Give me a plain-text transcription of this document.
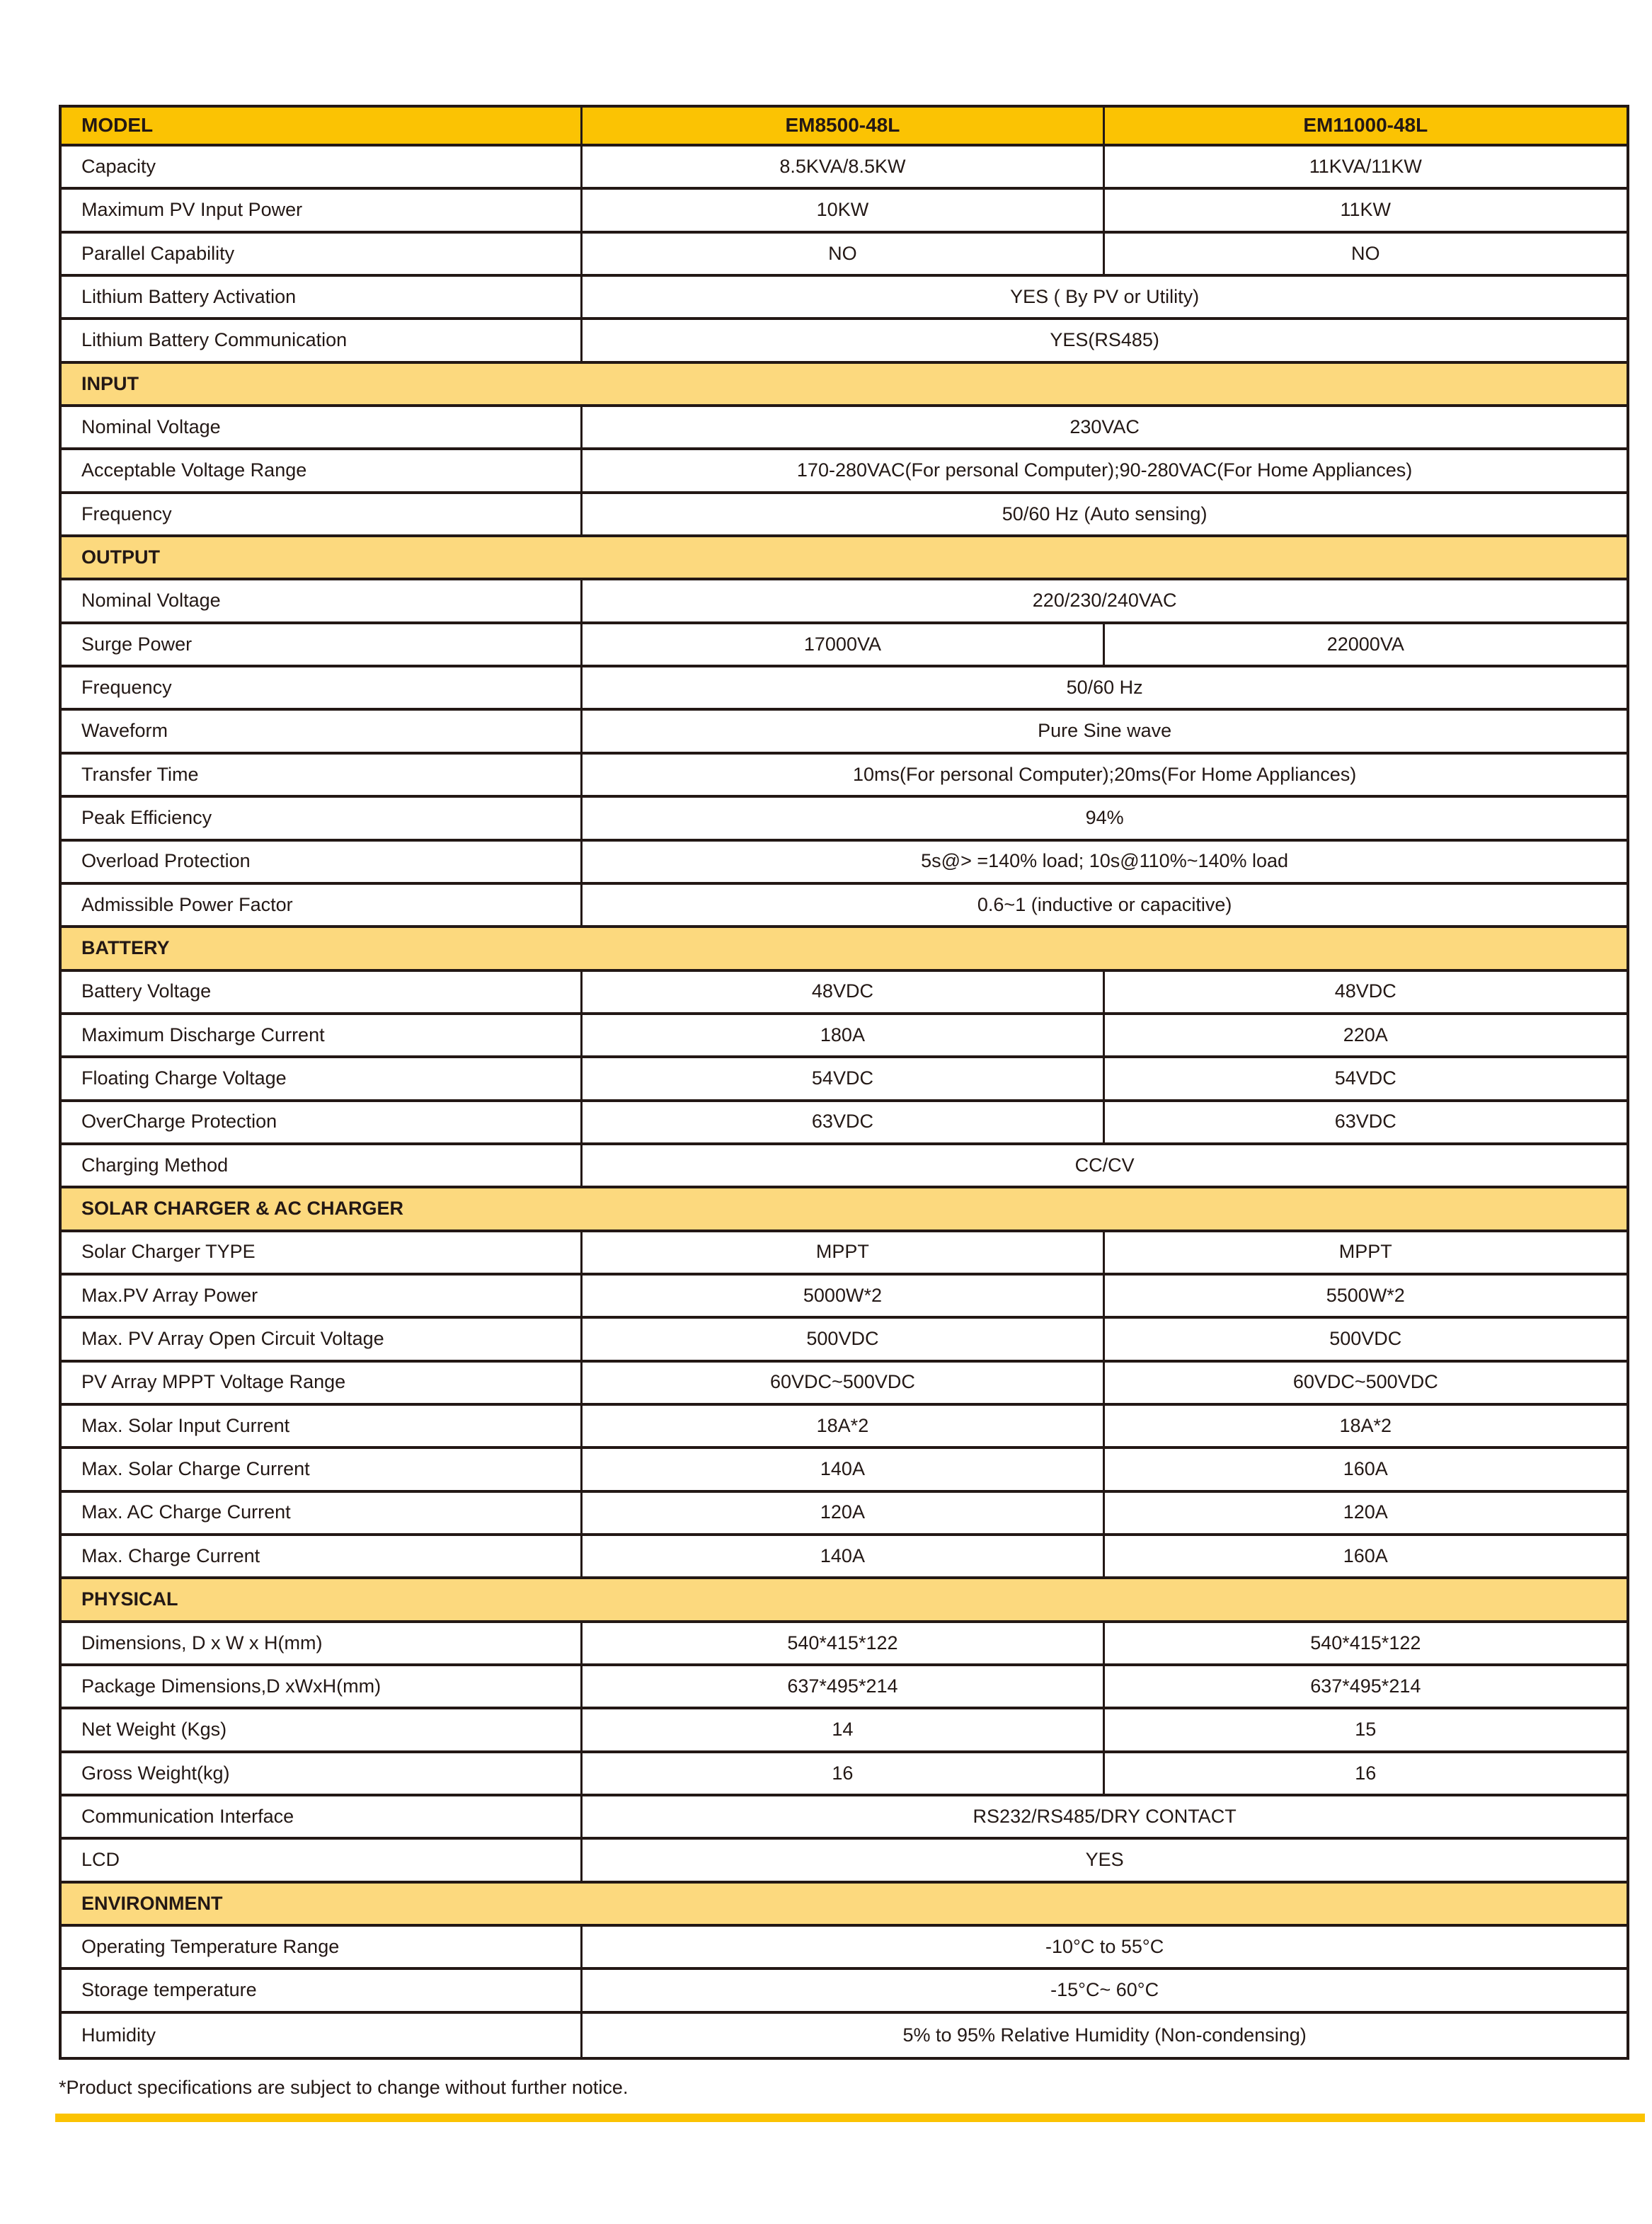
MODEL	EM8500-48L	EM11000-48L
Capacity	8.5KVA/8.5KW	11KVA/11KW
Maximum PV Input Power	10KW	11KW
Parallel Capability	NO	NO
Lithium Battery Activation	YES ( By PV or Utility)
Lithium Battery Communication	YES(RS485)
INPUT
Nominal Voltage	230VAC
Acceptable Voltage Range	170-280VAC(For personal Computer);90-280VAC(For Home Appliances)
Frequency	50/60 Hz (Auto sensing)
OUTPUT
Nominal Voltage	220/230/240VAC
Surge Power	17000VA	22000VA
Frequency	50/60 Hz
Waveform	Pure Sine wave
Transfer Time	10ms(For personal Computer);20ms(For Home Appliances)
Peak Efficiency	94%
Overload Protection	5s@> =140% load; 10s@110%~140% load
Admissible Power Factor	0.6~1 (inductive or capacitive)
BATTERY
Battery Voltage	48VDC	48VDC
Maximum Discharge Current	180A	220A
Floating Charge Voltage	54VDC	54VDC
OverCharge Protection	63VDC	63VDC
Charging Method	CC/CV
SOLAR CHARGER & AC CHARGER
Solar Charger TYPE	MPPT	MPPT
Max.PV Array Power	5000W*2	5500W*2
Max. PV Array Open Circuit Voltage	500VDC	500VDC
PV Array MPPT Voltage Range	60VDC~500VDC	60VDC~500VDC
Max. Solar Input Current	18A*2	18A*2
Max. Solar Charge Current	140A	160A
Max. AC Charge Current	120A	120A
Max. Charge Current	140A	160A
PHYSICAL
Dimensions, D x W x H(mm)	540*415*122	540*415*122
Package Dimensions,D xWxH(mm)	637*495*214	637*495*214
Net Weight (Kgs)	14	15
Gross Weight(kg)	16	16
Communication Interface	RS232/RS485/DRY CONTACT
LCD	YES
ENVIRONMENT
Operating Temperature Range	-10°C to 55°C
Storage temperature	-15°C~ 60°C
Humidity	5% to 95% Relative Humidity (Non-condensing)
*Product specifications are subject to change without further notice.
